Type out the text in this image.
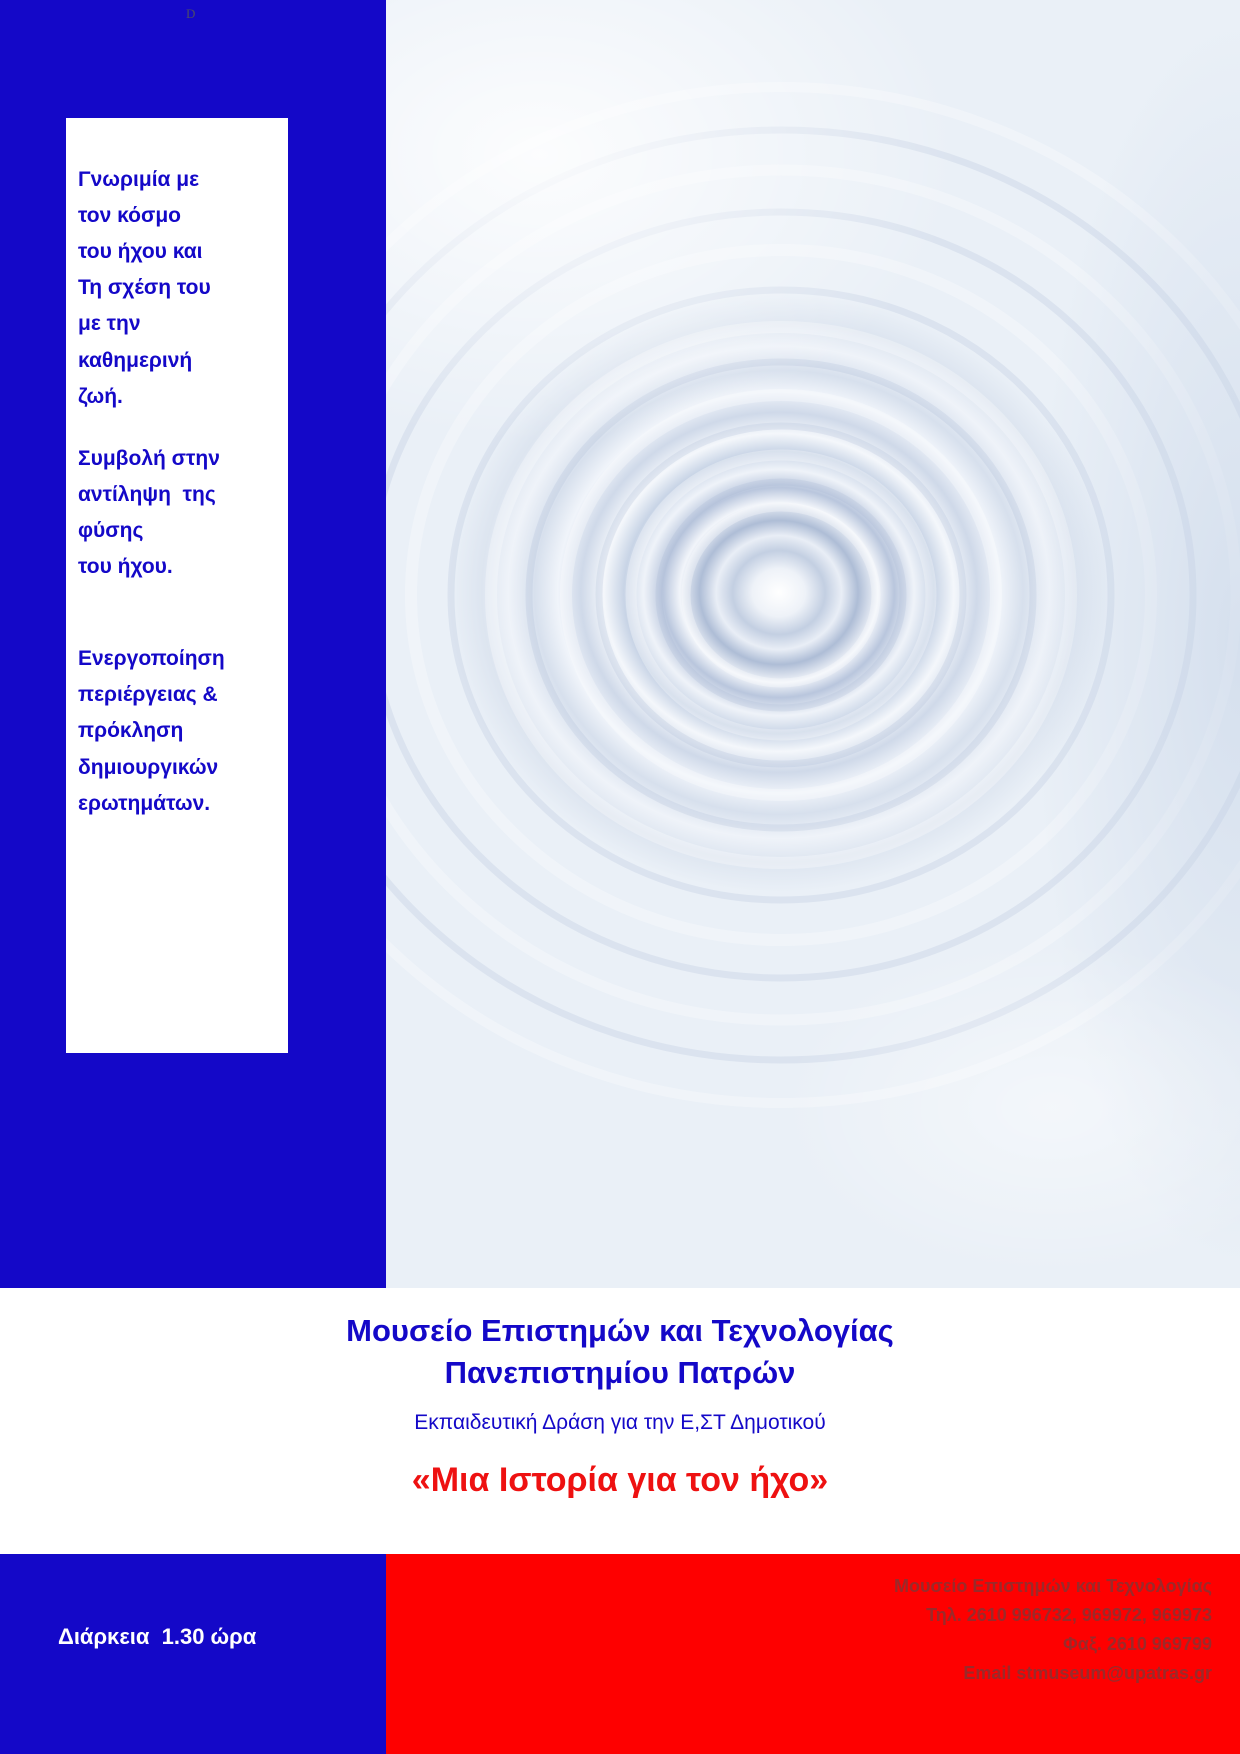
D
Γνωριμία με
τον κόσμο
του ήχου και
Τη σχέση του
με την
καθημερινή
ζωή.
Συμβολή στην
αντίληψη  της
φύσης
του ήχου.
Ενεργοποίηση
περιέργειας &
πρόκληση
δημιουργικών
ερωτημάτων.
Μουσείο Επιστημών και Τεχνολογίας
Πανεπιστημίου Πατρών
Εκπαιδευτική Δράση για την Ε,ΣΤ Δημοτικού
«Μια Ιστορία για τον ήχο»
Διάρκεια  1.30 ώρα
Μουσείο Επιστημών και Τεχνολογίας
Τηλ. 2610 996732, 969972, 969973
Φαξ. 2610 969799
Email stmuseum@upatras.gr
